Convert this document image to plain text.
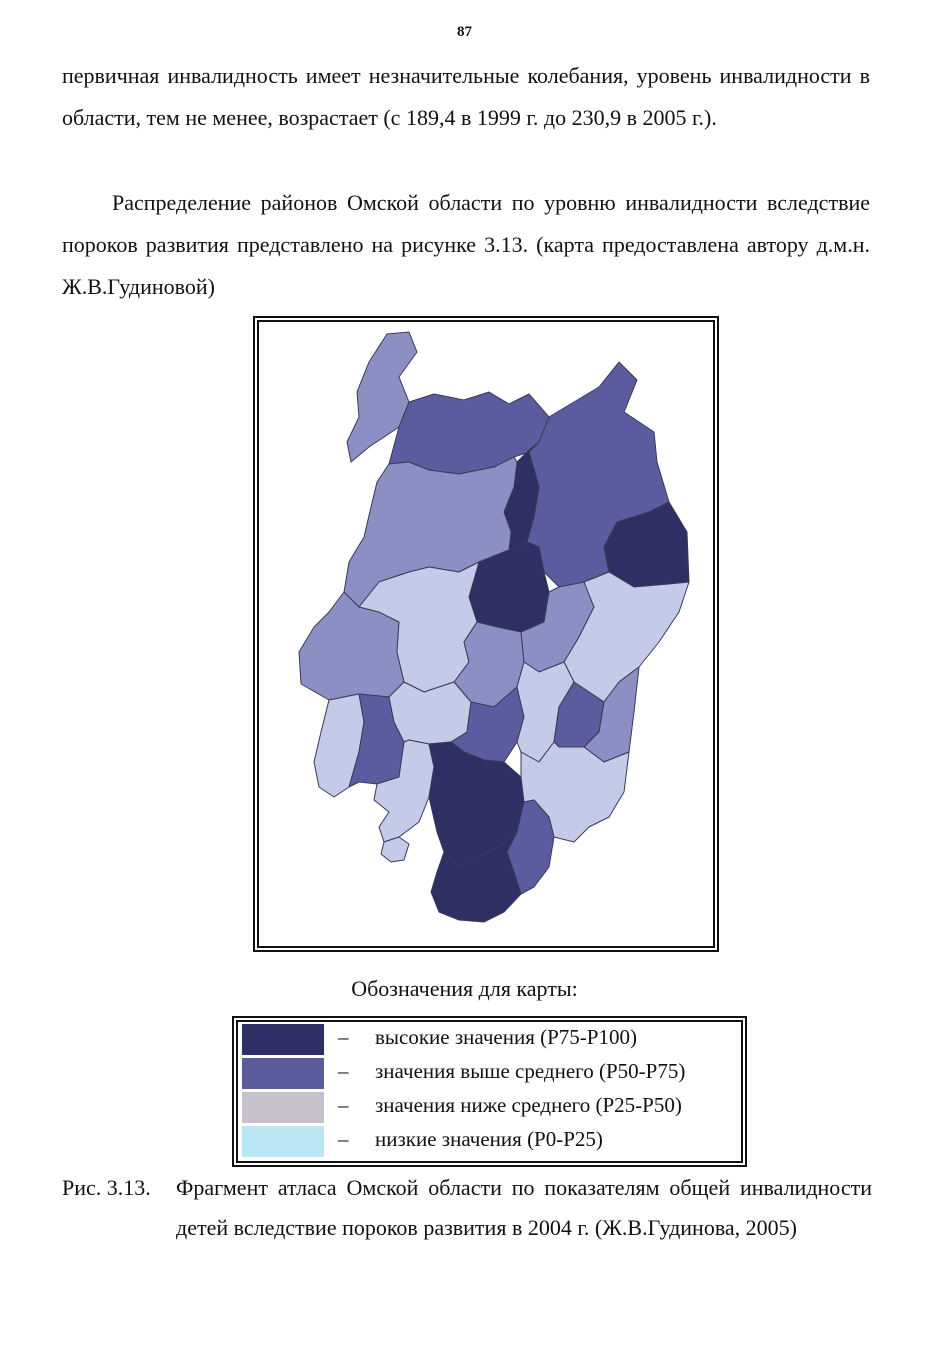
87

первичная инвалидность имеет незначительные колебания, уровень инвалидности в области, тем не менее, возрастает (с 189,4 в 1999 г. до 230,9 в 2005 г.).

Распределение районов Омской области по уровню инвалидности вследствие пороков развития представлено на рисунке 3.13. (карта предоставлена автору д.м.н. Ж.В.Гудиновой)

Обозначения для карты:
– высокие значения (Р75-Р100)
– значения выше среднего (Р50-Р75)
– значения ниже среднего (Р25-Р50)
– низкие значения (Р0-Р25)
Рис. 3.13. Фрагмент атласа Омской области по показателям общей инвалидности детей вследствие пороков развития в 2004 г. (Ж.В.Гудинова, 2005)
